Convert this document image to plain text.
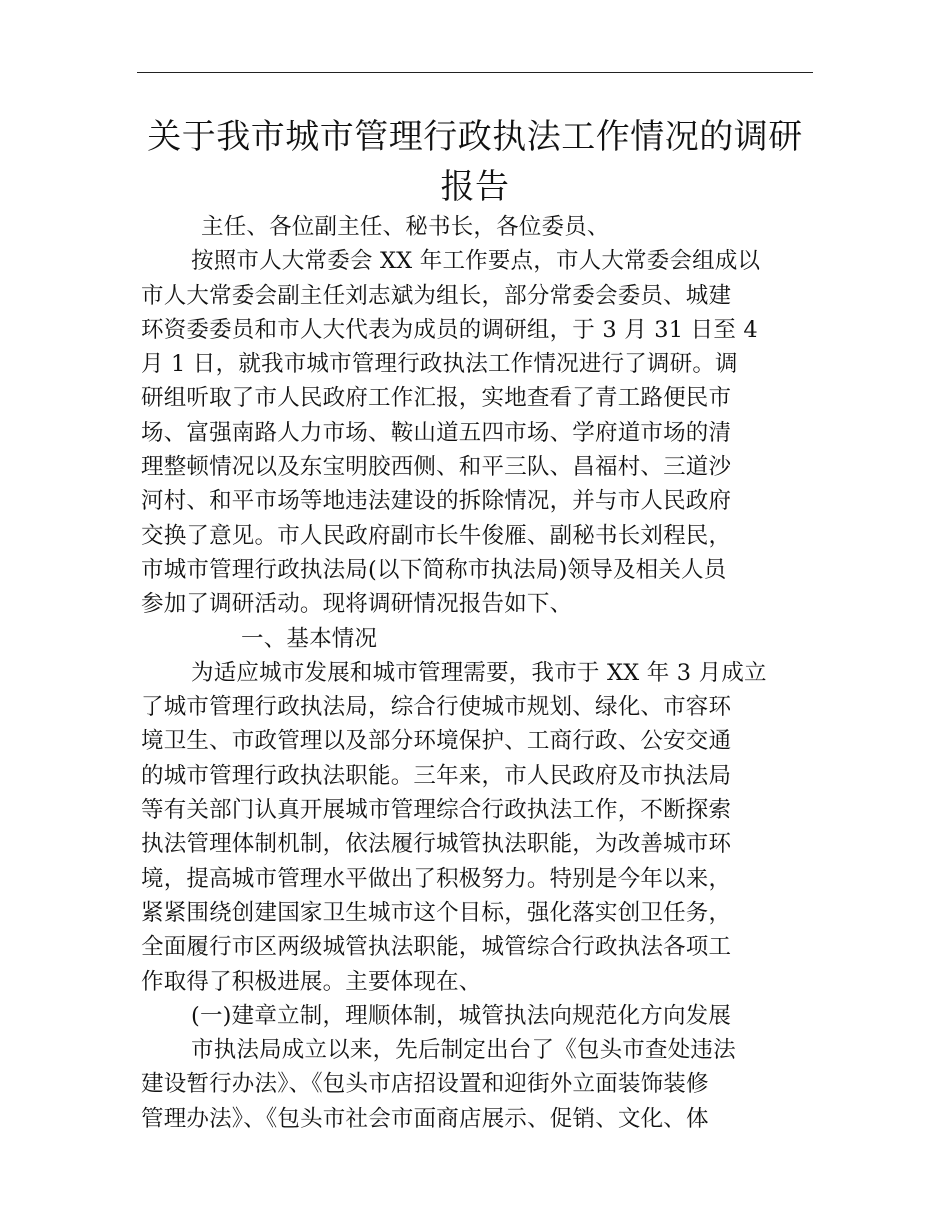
关于我市城市管理行政执法工作情况的调研
报告
主任、各位副主任、秘书长，各位委员、
按照市人大常委会 XX 年工作要点，市人大常委会组成以
市人大常委会副主任刘志斌为组长，部分常委会委员、城建
环资委委员和市人大代表为成员的调研组，于 3 月 31 日至 4
月 1 日，就我市城市管理行政执法工作情况进行了调研。调
研组听取了市人民政府工作汇报，实地查看了青工路便民市
场、富强南路人力市场、鞍山道五四市场、学府道市场的清
理整顿情况以及东宝明胶西侧、和平三队、昌福村、三道沙
河村、和平市场等地违法建设的拆除情况，并与市人民政府
交换了意见。市人民政府副市长牛俊雁、副秘书长刘程民，
市城市管理行政执法局(以下简称市执法局)领导及相关人员
参加了调研活动。现将调研情况报告如下、
一、基本情况
为适应城市发展和城市管理需要，我市于 XX 年 3 月成立
了城市管理行政执法局，综合行使城市规划、绿化、市容环
境卫生、市政管理以及部分环境保护、工商行政、公安交通
的城市管理行政执法职能。三年来，市人民政府及市执法局
等有关部门认真开展城市管理综合行政执法工作，不断探索
执法管理体制机制，依法履行城管执法职能，为改善城市环
境，提高城市管理水平做出了积极努力。特别是今年以来，
紧紧围绕创建国家卫生城市这个目标，强化落实创卫任务，
全面履行市区两级城管执法职能，城管综合行政执法各项工
作取得了积极进展。主要体现在、
(一)建章立制，理顺体制，城管执法向规范化方向发展
市执法局成立以来，先后制定出台了《包头市查处违法
建设暂行办法》、《包头市店招设置和迎街外立面装饰装修
管理办法》、《包头市社会市面商店展示、促销、文化、体
